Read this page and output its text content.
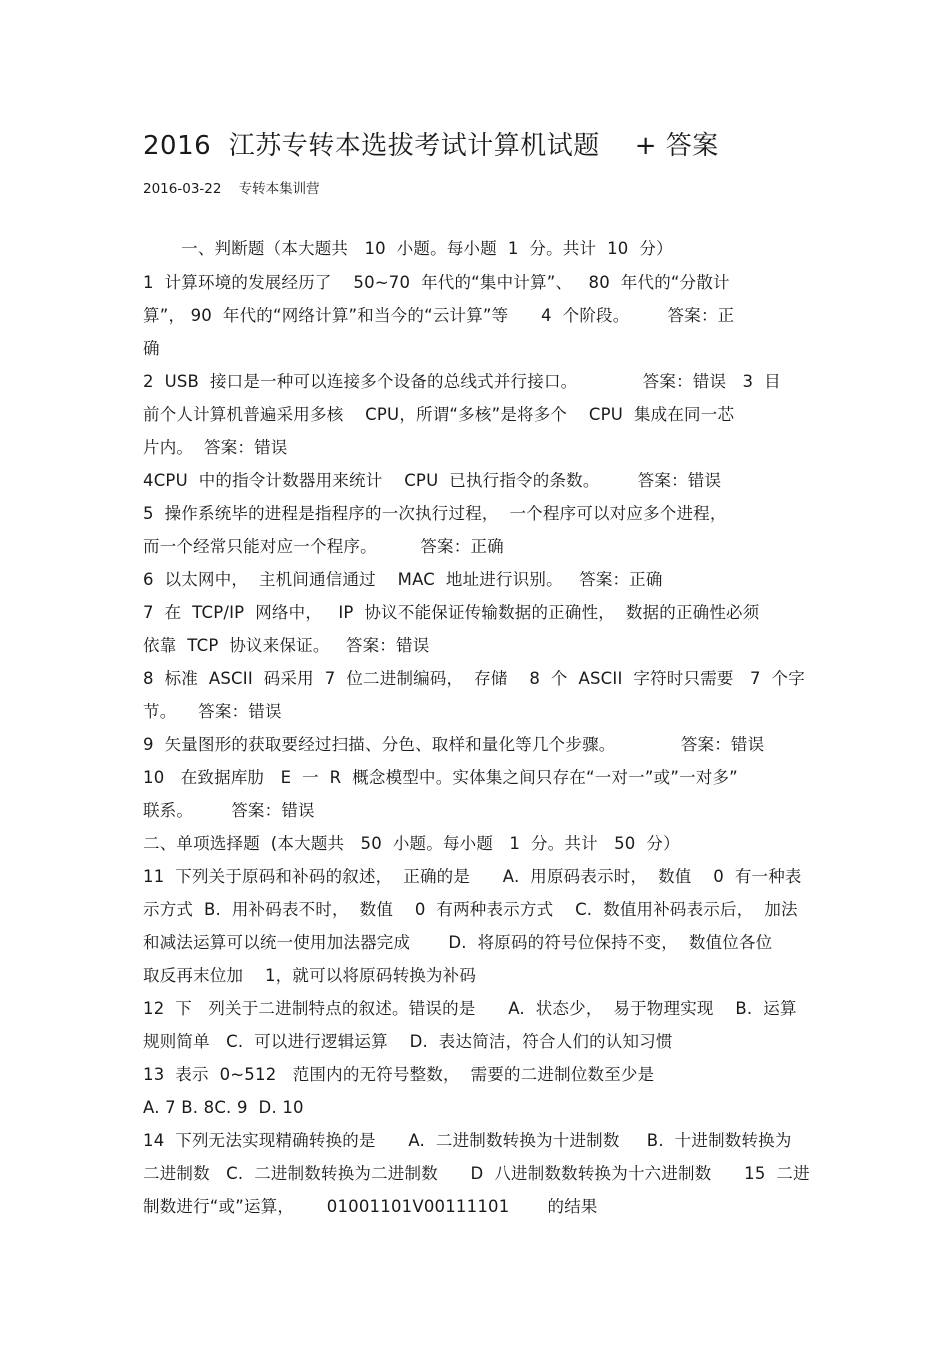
2016  江苏专转本选拔考试计算机试题    + 答案
2016-03-22 专转本集训营
一、判断题（本大题共   10  小题。每小题  1  分。共计  10  分）
1  计算环境的发展经历了    50~70  年代的“集中计算”、   80  年代的“分散计
算”， 90  年代的“网络计算”和当今的“云计算”等      4  个阶段。       答案：正
确
2  USB  接口是一种可以连接多个设备的总线式并行接口。            答案：错误   3  目
前个人计算机普遍采用多核    CPU，所谓“多核”是将多个    CPU  集成在同一芯
片内。  答案：错误
4CPU  中的指令计数器用来统计    CPU  已执行指令的条数。       答案：错误
5  操作系统毕的进程是指程序的一次执行过程，  一个程序可以对应多个进程，
而一个经常只能对应一个程序。        答案：正确
6  以太网中，  主机间通信通过    MAC  地址进行识别。   答案：正确
7  在  TCP/IP  网络中，   IP  协议不能保证传输数据的正确性，  数据的正确性必须
依靠  TCP  协议来保证。   答案：错误
8  标准  ASCII  码采用  7  位二进制编码，  存储    8  个  ASCII  字符时只需要   7  个字
节。    答案：错误
9  矢量图形的获取要经过扫描、分色、取样和量化等几个步骤。            答案：错误
10   在致据库肋   E  一  R  概念模型中。实体集之间只存在“一对一”或”一对多”
联系。       答案：错误
二、单项选择题  (本大题共   50  小题。每小题   1  分。共计   50  分）
11  下列关于原码和补码的叙述，  正确的是      A.  用原码表示时，  数值    0  有一种表
示方式  B.  用补码表不时，  数值    0  有两种表示方式    C.  数值用补码表示后，  加法
和减法运算可以统一使用加法器完成       D.  将原码的符号位保持不变，  数值位各位
取反再末位加    1，就可以将原码转换为补码
12  下   列关于二进制特点的叙述。错误的是      A.  状态少，  易于物理实现    B.  运算
规则简单   C.  可以进行逻辑运算    D.  表达简洁，符合人们的认知习惯
13  表示  0~512   范围内的无符号整数，  需要的二进制位数至少是
A. 7 B. 8C. 9  D. 10
14  下列无法实现精确转换的是      A.  二进制数转换为十进制数     B.  十进制数转换为
二进制数   C.  二进制数转换为二进制数      D  八进制数数转换为十六进制数      15  二进
制数进行“或”运算，      01001101V00111101       的结果
